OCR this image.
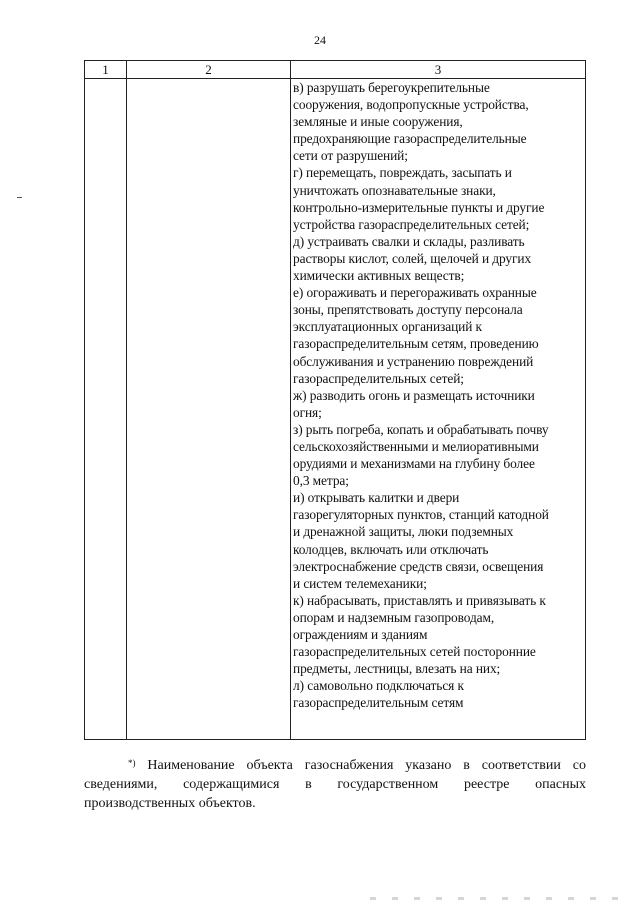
24
1	2	3
в) разрушать берегоукрепительные
сооружения, водопропускные устройства,
земляные и иные сооружения,
предохраняющие газораспределительные
сети от разрушений;
г) перемещать, повреждать, засыпать и
уничтожать опознавательные знаки,
контрольно-измерительные пункты и другие
устройства газораспределительных сетей;
д) устраивать свалки и склады, разливать
растворы кислот, солей, щелочей и других
химически активных веществ;
е) огораживать и перегораживать охранные
зоны, препятствовать доступу персонала
эксплуатационных организаций к
газораспределительным сетям, проведению
обслуживания и устранению повреждений
газораспределительных сетей;
ж) разводить огонь и размещать источники
огня;
з) рыть погреба, копать и обрабатывать почву
сельскохозяйственными и мелиоративными
орудиями и механизмами на глубину более
0,3 метра;
и) открывать калитки и двери
газорегуляторных пунктов, станций катодной
и дренажной защиты, люки подземных
колодцев, включать или отключать
электроснабжение средств связи, освещения
и систем телемеханики;
к) набрасывать, приставлять и привязывать к
опорам и надземным газопроводам,
ограждениям и зданиям
газораспределительных сетей посторонние
предметы, лестницы, влезать на них;
л) самовольно подключаться к
газораспределительным сетям
*) Наименование объекта газоснабжения указано в соответствии со
сведениями, содержащимися в государственном реестре опасных
производственных объектов.
